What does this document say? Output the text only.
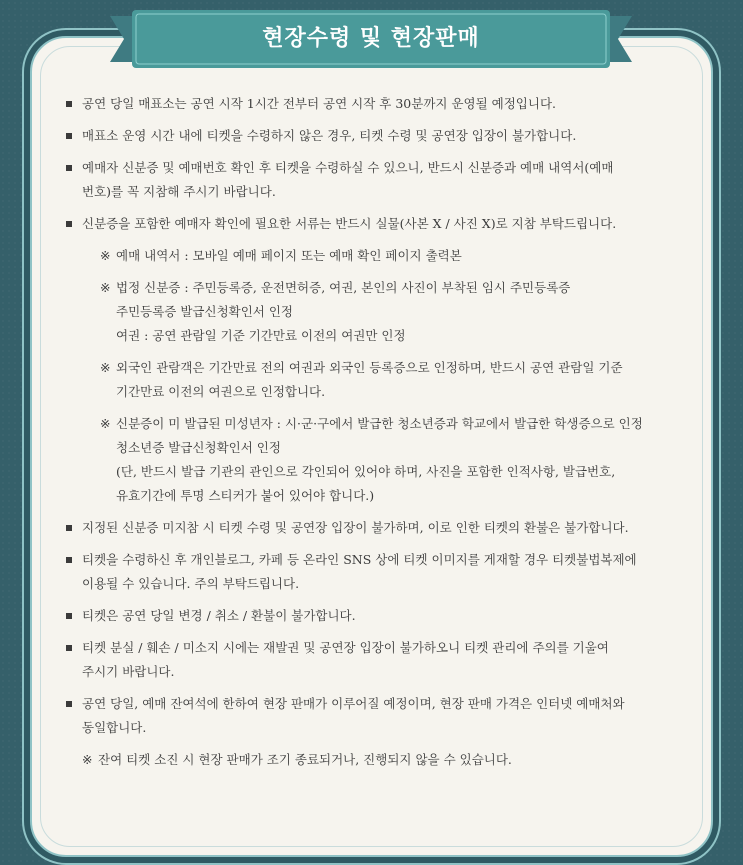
현장수령 및 현장판매
공연 당일 매표소는 공연 시작 1시간 전부터 공연 시작 후 30분까지 운영될 예정입니다.
매표소 운영 시간 내에 티켓을 수령하지 않은 경우, 티켓 수령 및 공연장 입장이 불가합니다.
예매자 신분증 및 예매번호 확인 후 티켓을 수령하실 수 있으니, 반드시 신분증과 예매 내역서(예매
번호)를 꼭 지참해 주시기 바랍니다.
신분증을 포함한 예매자 확인에 필요한 서류는 반드시 실물(사본 X / 사진 X)로 지참 부탁드립니다.
※ 예매 내역서 : 모바일 예매 페이지 또는 예매 확인 페이지 출력본
※ 법정 신분증 : 주민등록증, 운전면허증, 여권, 본인의 사진이 부착된 임시 주민등록증
주민등록증 발급신청확인서 인정
여권 : 공연 관람일 기준 기간만료 이전의 여권만 인정
※ 외국인 관람객은 기간만료 전의 여권과 외국인 등록증으로 인정하며, 반드시 공연 관람일 기준
기간만료 이전의 여권으로 인정합니다.
※ 신분증이 미 발급된 미성년자 : 시·군·구에서 발급한 청소년증과 학교에서 발급한 학생증으로 인정
청소년증 발급신청확인서 인정
(단, 반드시 발급 기관의 관인으로 각인되어 있어야 하며, 사진을 포함한 인적사항, 발급번호,
유효기간에 투명 스티커가 붙어 있어야 합니다.)
지정된 신분증 미지참 시 티켓 수령 및 공연장 입장이 불가하며, 이로 인한 티켓의 환불은 불가합니다.
티켓을 수령하신 후 개인블로그, 카페 등 온라인 SNS 상에 티켓 이미지를 게재할 경우 티켓불법복제에
이용될 수 있습니다. 주의 부탁드립니다.
티켓은 공연 당일 변경 / 취소 / 환불이 불가합니다.
티켓 분실 / 훼손 / 미소지 시에는 재발권 및 공연장 입장이 불가하오니 티켓 관리에 주의를 기울여
주시기 바랍니다.
공연 당일, 예매 잔여석에 한하여 현장 판매가 이루어질 예정이며, 현장 판매 가격은 인터넷 예매처와
동일합니다.
※ 잔여 티켓 소진 시 현장 판매가 조기 종료되거나, 진행되지 않을 수 있습니다.
